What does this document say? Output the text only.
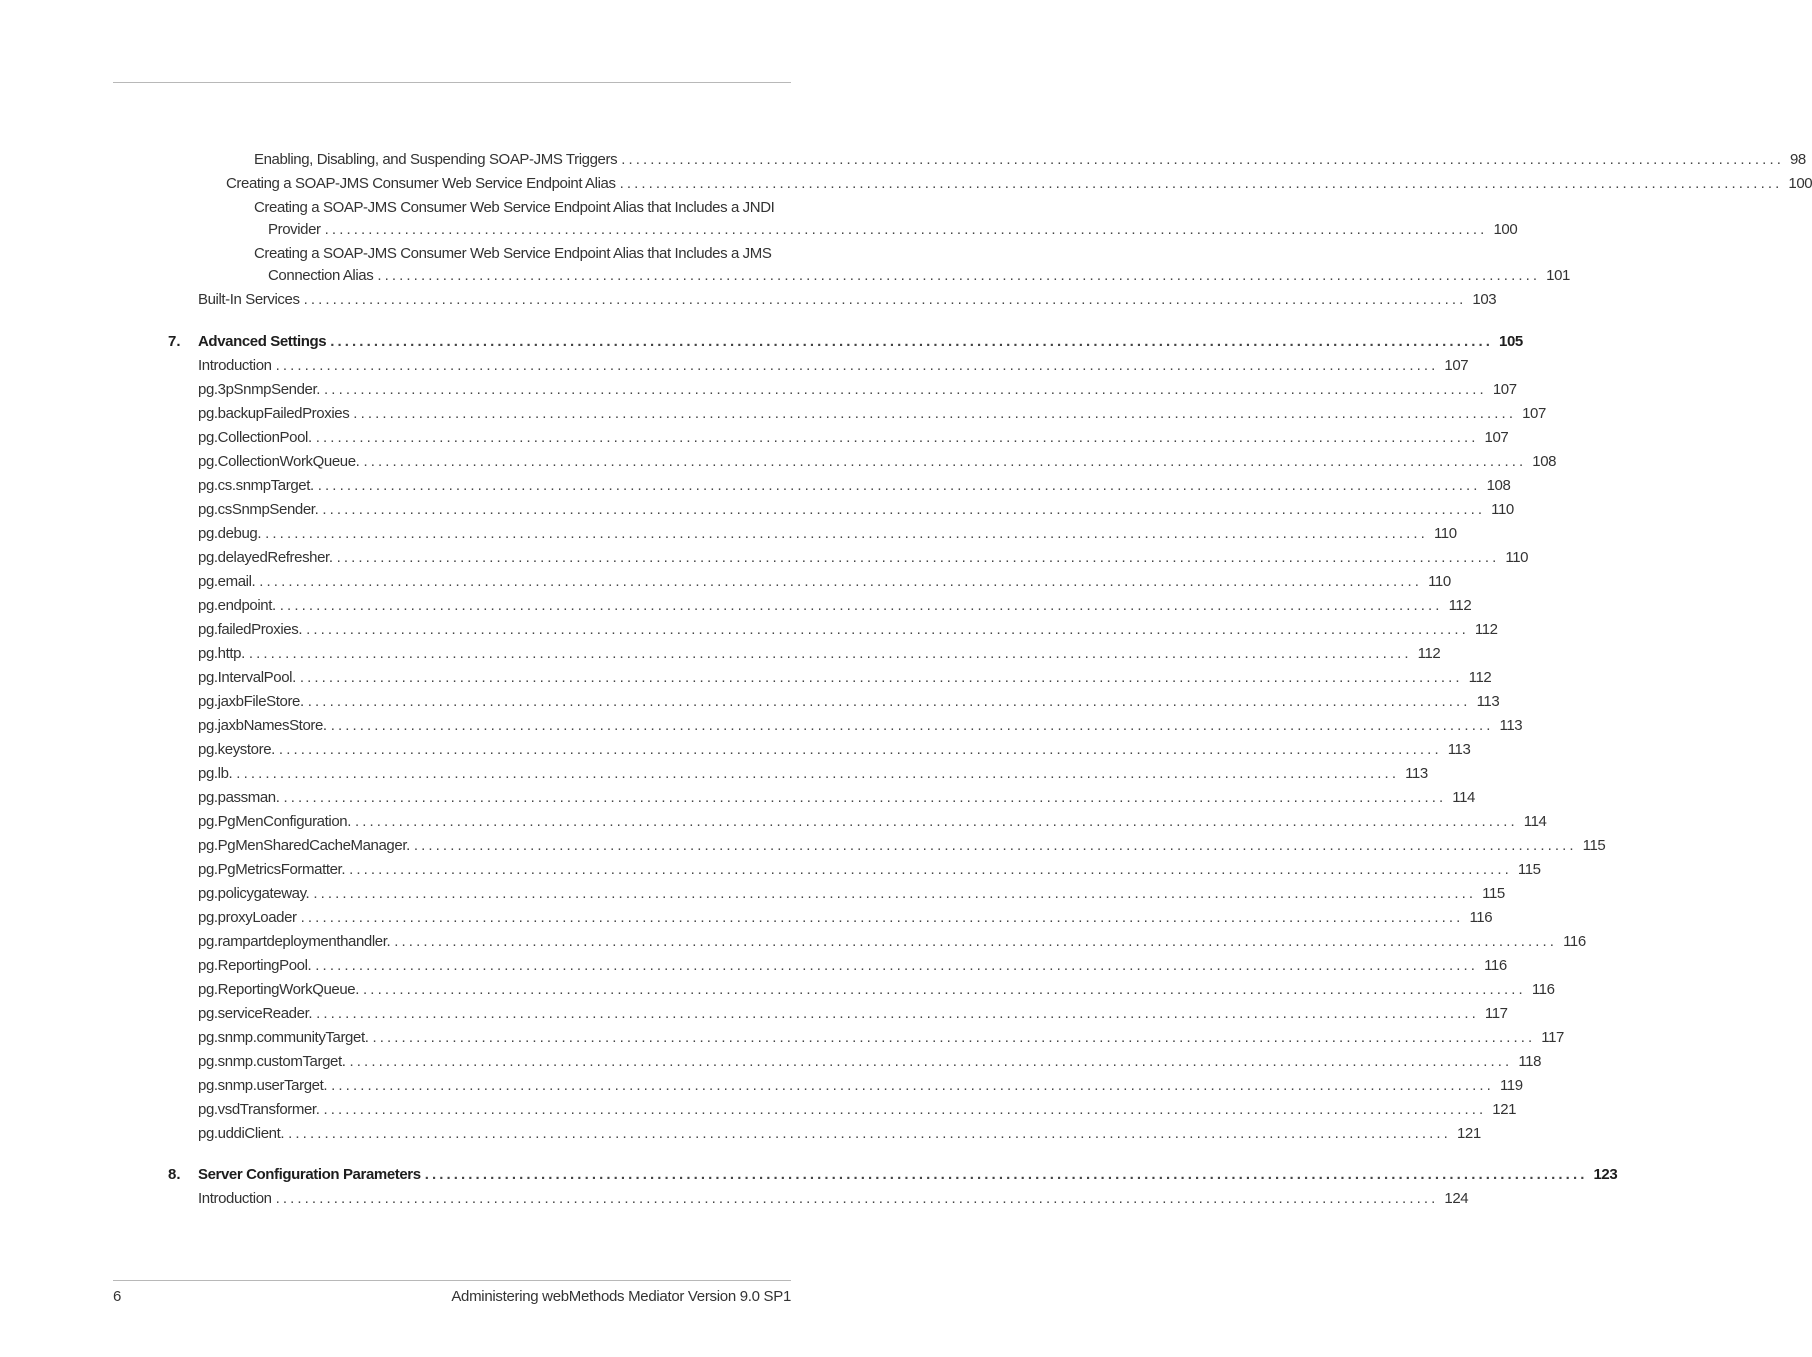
Enabling, Disabling, and Suspending SOAP-JMS Triggers ................................................................................................................................................................ 98
Creating a SOAP-JMS Consumer Web Service Endpoint Alias ................................................................................................................................................................ 100
Creating a SOAP-JMS Consumer Web Service Endpoint Alias that Includes a JNDI
Provider ................................................................................................................................................................ 100
Creating a SOAP-JMS Consumer Web Service Endpoint Alias that Includes a JMS
Connection Alias ................................................................................................................................................................ 101
Built-In Services ................................................................................................................................................................ 103
7. Advanced Settings ................................................................................................................................................................ 105
Introduction ................................................................................................................................................................ 107
pg.3pSnmpSender. ................................................................................................................................................................ 107
pg.backupFailedProxies ................................................................................................................................................................ 107
pg.CollectionPool. ................................................................................................................................................................ 107
pg.CollectionWorkQueue. ................................................................................................................................................................ 108
pg.cs.snmpTarget. ................................................................................................................................................................ 108
pg.csSnmpSender. ................................................................................................................................................................ 110
pg.debug. ................................................................................................................................................................ 110
pg.delayedRefresher. ................................................................................................................................................................ 110
pg.email. ................................................................................................................................................................ 110
pg.endpoint. ................................................................................................................................................................ 112
pg.failedProxies. ................................................................................................................................................................ 112
pg.http. ................................................................................................................................................................ 112
pg.IntervalPool. ................................................................................................................................................................ 112
pg.jaxbFileStore. ................................................................................................................................................................ 113
pg.jaxbNamesStore. ................................................................................................................................................................ 113
pg.keystore. ................................................................................................................................................................ 113
pg.lb. ................................................................................................................................................................ 113
pg.passman. ................................................................................................................................................................ 114
pg.PgMenConfiguration. ................................................................................................................................................................ 114
pg.PgMenSharedCacheManager. ................................................................................................................................................................ 115
pg.PgMetricsFormatter. ................................................................................................................................................................ 115
pg.policygateway. ................................................................................................................................................................ 115
pg.proxyLoader ................................................................................................................................................................ 116
pg.rampartdeploymenthandler. ................................................................................................................................................................ 116
pg.ReportingPool. ................................................................................................................................................................ 116
pg.ReportingWorkQueue. ................................................................................................................................................................ 116
pg.serviceReader. ................................................................................................................................................................ 117
pg.snmp.communityTarget. ................................................................................................................................................................ 117
pg.snmp.customTarget. ................................................................................................................................................................ 118
pg.snmp.userTarget. ................................................................................................................................................................ 119
pg.vsdTransformer. ................................................................................................................................................................ 121
pg.uddiClient. ................................................................................................................................................................ 121
8. Server Configuration Parameters ................................................................................................................................................................ 123
Introduction ................................................................................................................................................................ 124
6	Administering webMethods Mediator Version 9.0 SP1
